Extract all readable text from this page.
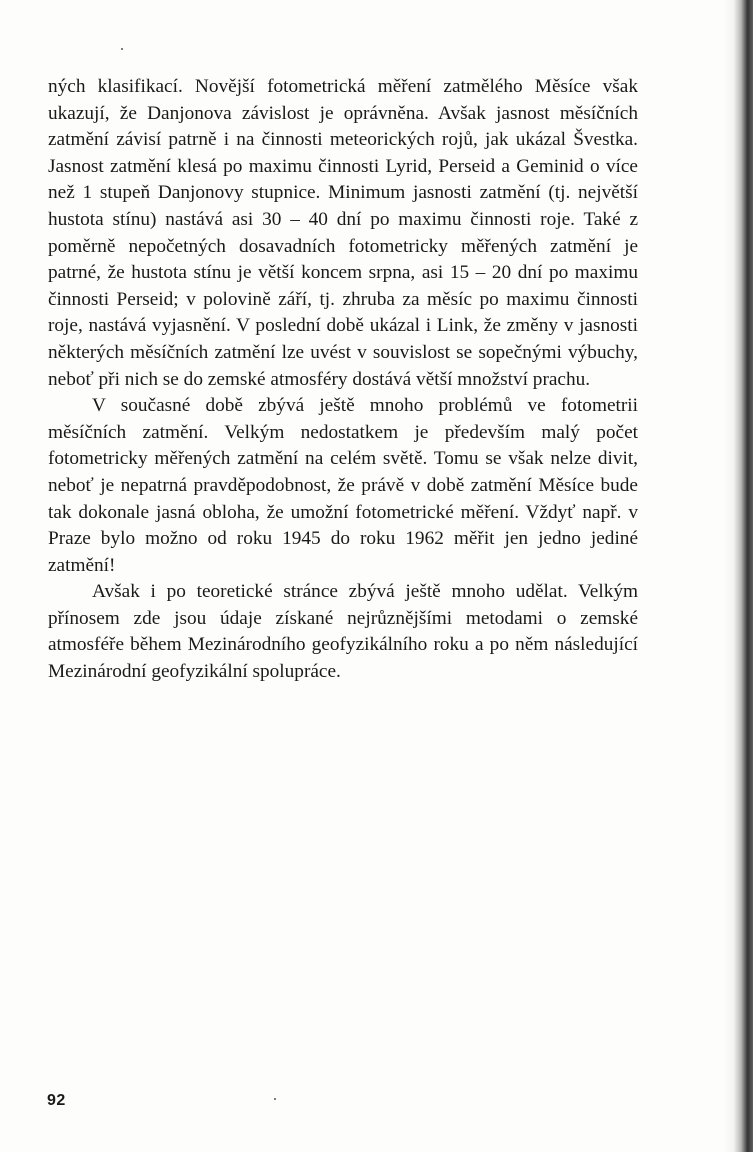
ných klasifikací. Novější fotometrická měření zatmělého Měsíce však ukazují, že Danjonova závislost je oprávněna. Avšak jasnost měsíčních zatmění závisí patrně i na činnosti meteorických rojů, jak ukázal Švestka. Jasnost zatmění klesá po maximu činnosti Lyrid, Perseid a Geminid o více než 1 stupeň Danjonovy stupnice. Minimum jasnosti zatmění (tj. největší hustota stínu) nastává asi 30 – 40 dní po maximu činnosti roje. Také z poměrně nepočetných dosavadních fotometricky měřených zatmění je patrné, že hustota stínu je větší koncem srpna, asi 15 – 20 dní po maximu činnosti Perseid; v polovině září, tj. zhruba za měsíc po maximu činnosti roje, nastává vyjasnění. V poslední době ukázal i Link, že změny v jasnosti některých měsíčních zatmění lze uvést v souvislost se sopečnými výbuchy, neboť při nich se do zemské atmosféry dostává větší množství prachu.

V současné době zbývá ještě mnoho problémů ve fotometrii měsíčních zatmění. Velkým nedostatkem je především malý počet fotometricky měřených zatmění na celém světě. Tomu se však nelze divit, neboť je nepatrná pravděpodobnost, že právě v době zatmění Měsíce bude tak dokonale jasná obloha, že umožní fotometrické měření. Vždyť např. v Praze bylo možno od roku 1945 do roku 1962 měřit jen jedno jediné zatmění!

Avšak i po teoretické stránce zbývá ještě mnoho udělat. Velkým přínosem zde jsou údaje získané nejrůznějšími metodami o zemské atmosféře během Mezinárodního geofyzikálního roku a po něm následující Mezinárodní geofyzikální spolupráce.

92
